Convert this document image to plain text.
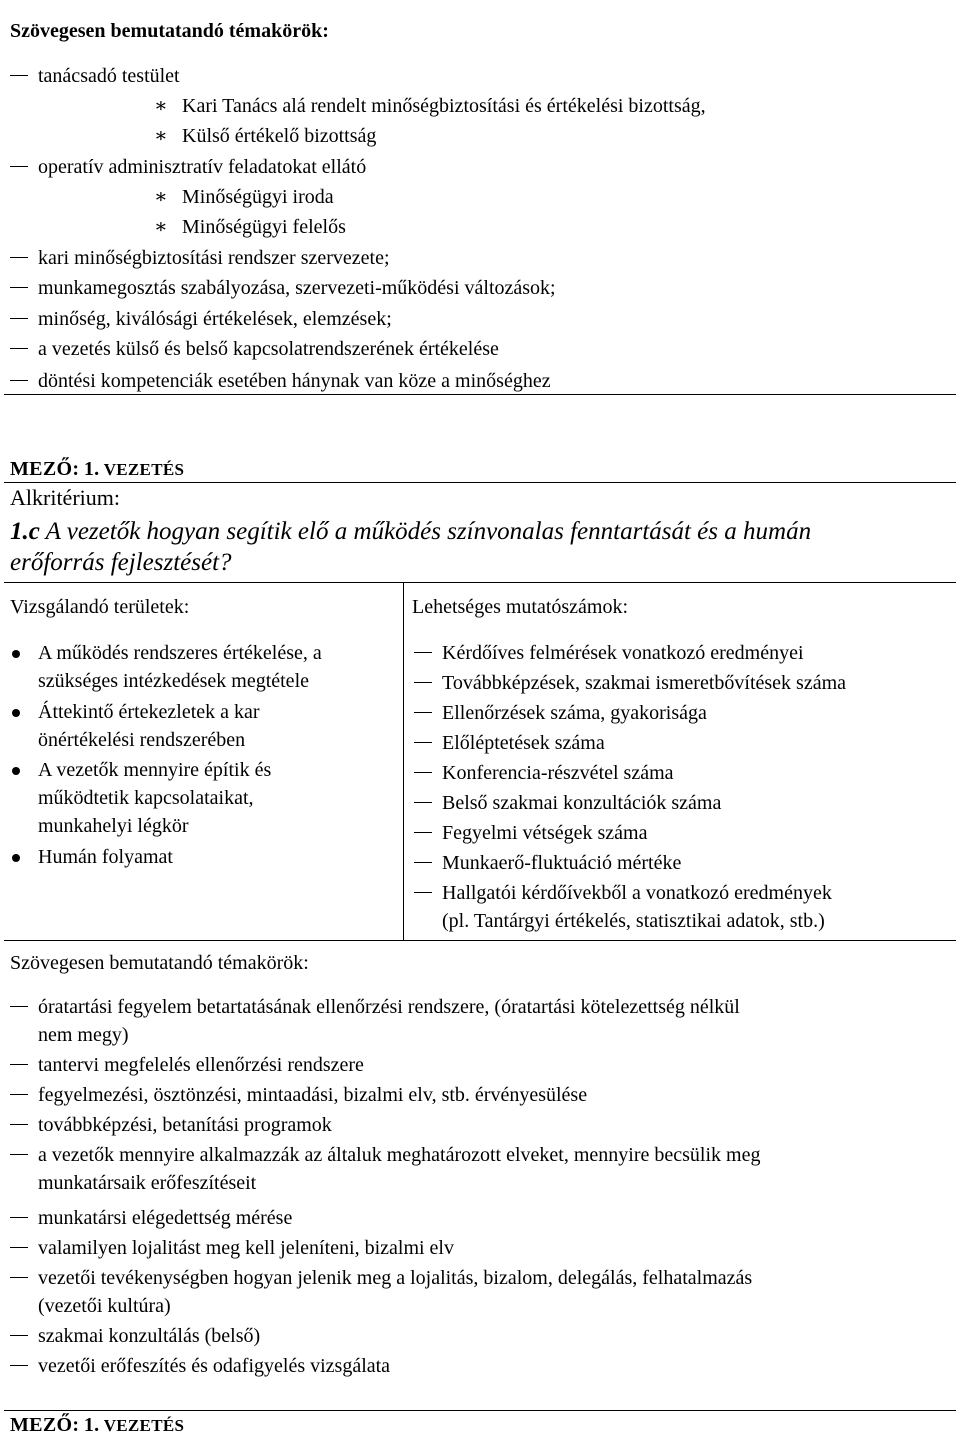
Szövegesen bemutatandó témakörök:
tanácsadó testület
∗ Kari Tanács alá rendelt minőségbiztosítási és értékelési bizottság,
∗ Külső értékelő bizottság
operatív adminisztratív feladatokat ellátó
∗ Minőségügyi iroda
∗ Minőségügyi felelős
kari minőségbiztosítási rendszer szervezete;
munkamegosztás szabályozása, szervezeti-működési változások;
minőség, kiválósági értékelések, elemzések;
a vezetés külső és belső kapcsolatrendszerének értékelése
döntési kompetenciák esetében hánynak van köze a minőséghez
MEZŐ: 1. VEZETÉS
Alkritérium:
1.c A vezetők hogyan segítik elő a működés színvonalas fenntartását és a humán
erőforrás fejlesztését?
Vizsgálandó területek:	Lehetséges mutatószámok:
A működés rendszeres értékelése, a
szükséges intézkedések megtétele
Áttekintő értekezletek a kar
önértékelési rendszerében
A vezetők mennyire építik és
működtetik kapcsolataikat,
munkahelyi légkör
Humán folyamat
Kérdőíves felmérések vonatkozó eredményei
Továbbképzések, szakmai ismeretbővítések száma
Ellenőrzések száma, gyakorisága
Előléptetések száma
Konferencia-részvétel száma
Belső szakmai konzultációk száma
Fegyelmi vétségek száma
Munkaerő-fluktuáció mértéke
Hallgatói kérdőívekből a vonatkozó eredmények
(pl. Tantárgyi értékelés, statisztikai adatok, stb.)
Szövegesen bemutatandó témakörök:
óratartási fegyelem betartatásának ellenőrzési rendszere, (óratartási kötelezettség nélkül
nem megy)
tantervi megfelelés ellenőrzési rendszere
fegyelmezési, ösztönzési, mintaadási, bizalmi elv, stb. érvényesülése
továbbképzési, betanítási programok
a vezetők mennyire alkalmazzák az általuk meghatározott elveket, mennyire becsülik meg
munkatársaik erőfeszítéseit
munkatársi elégedettség mérése
valamilyen lojalitást meg kell jeleníteni, bizalmi elv
vezetői tevékenységben hogyan jelenik meg a lojalitás, bizalom, delegálás, felhatalmazás
(vezetői kultúra)
szakmai konzultálás (belső)
vezetői erőfeszítés és odafigyelés vizsgálata
MEZŐ: 1. VEZETÉS
